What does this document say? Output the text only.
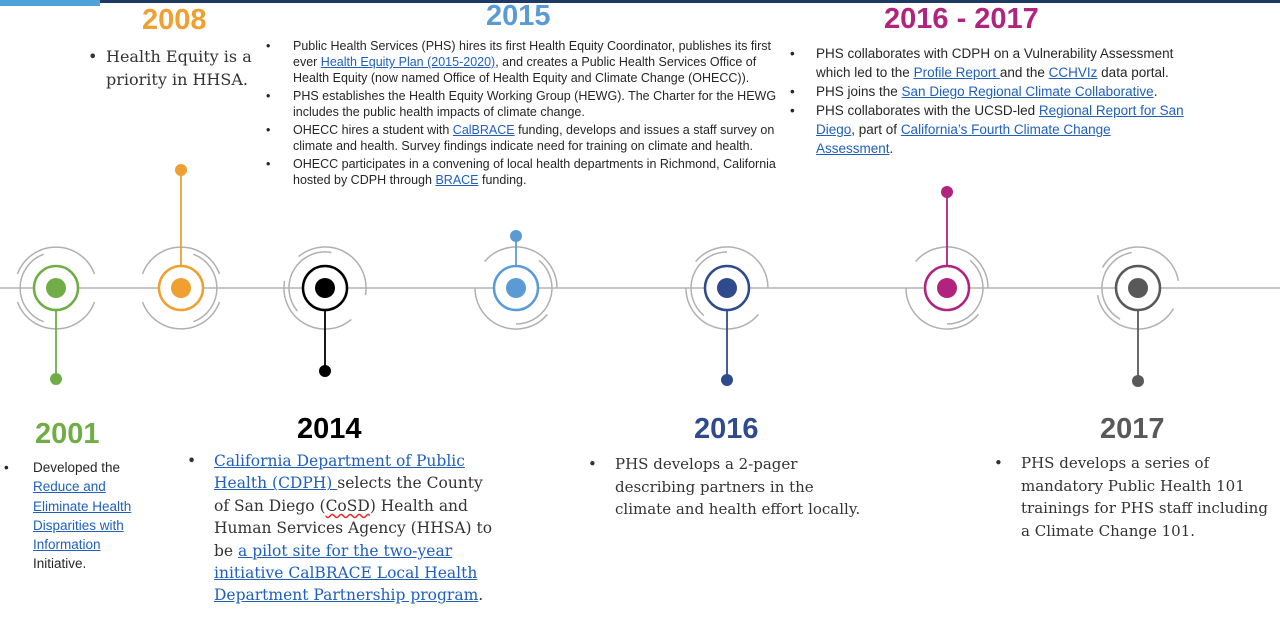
2008	2015	2016 - 2017
2001	2014	2016	2017
• Health Equity is a priority in HHSA.
• Public Health Services (PHS) hires its first Health Equity Coordinator, publishes its first ever Health Equity Plan (2015-2020), and creates a Public Health Services Office of Health Equity (now named Office of Health Equity and Climate Change (OHECC)).
• PHS establishes the Health Equity Working Group (HEWG). The Charter for the HEWG includes the public health impacts of climate change.
• OHECC hires a student with CalBRACE funding, develops and issues a staff survey on climate and health. Survey findings indicate need for training on climate and health.
• OHECC participates in a convening of local health departments in Richmond, California hosted by CDPH through BRACE funding.
• PHS collaborates with CDPH on a Vulnerability Assessment which led to the Profile Report and the CCHVIz data portal.
• PHS joins the San Diego Regional Climate Collaborative.
• PHS collaborates with the UCSD-led Regional Report for San Diego, part of California’s Fourth Climate Change Assessment.
• Developed the Reduce and Eliminate Health Disparities with Information Initiative.
• California Department of Public Health (CDPH) selects the County of San Diego (CoSD) Health and Human Services Agency (HHSA) to be a pilot site for the two-year initiative CalBRACE Local Health Department Partnership program.
• PHS develops a 2-pager describing partners in the climate and health effort locally.
• PHS develops a series of mandatory Public Health 101 trainings for PHS staff including a Climate Change 101.
